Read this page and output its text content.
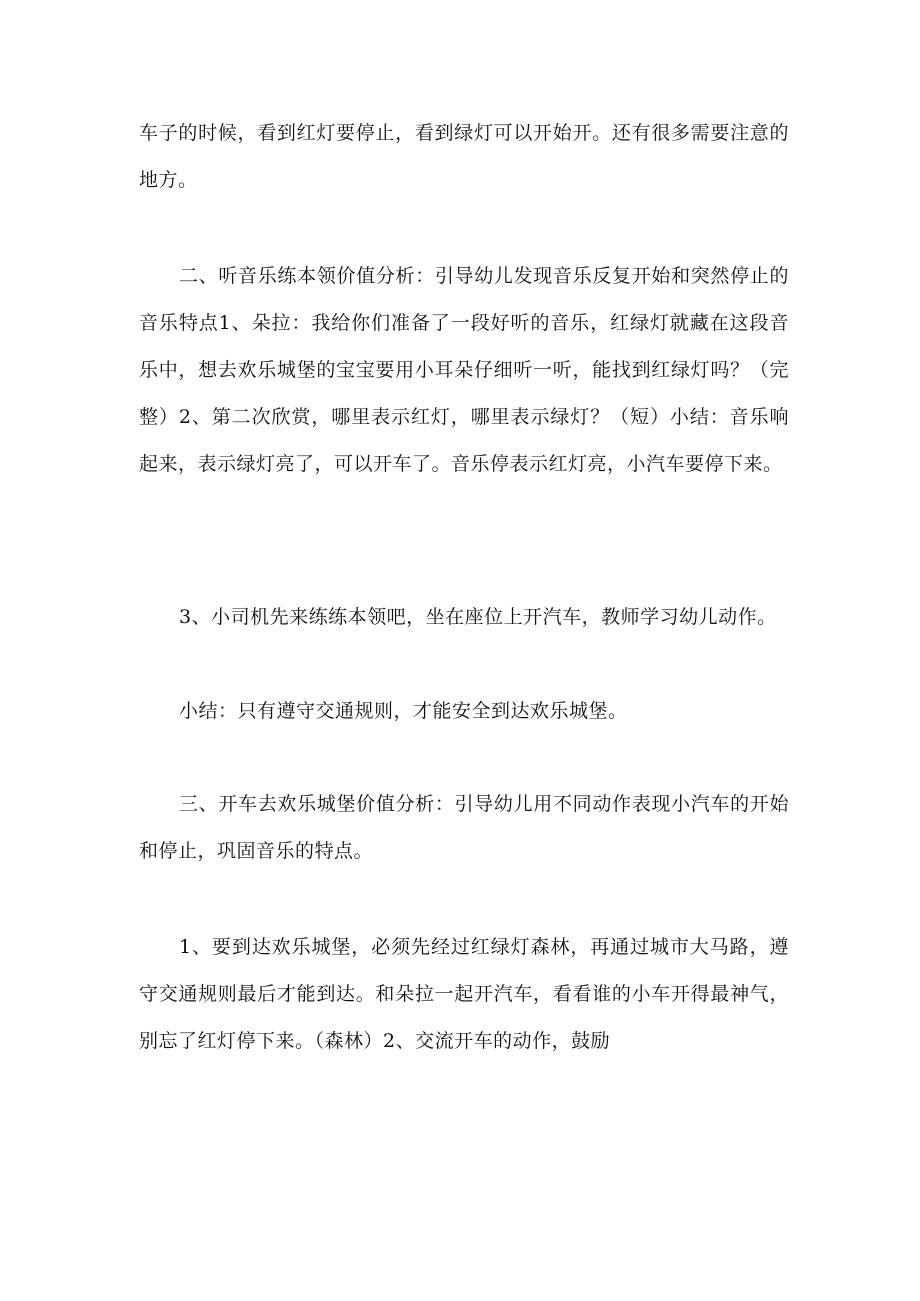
车子的时候，看到红灯要停止，看到绿灯可以开始开。还有很多需要注意的地方。

二、听音乐练本领价值分析：引导幼儿发现音乐反复开始和突然停止的音乐特点1、朵拉：我给你们准备了一段好听的音乐，红绿灯就藏在这段音乐中，想去欢乐城堡的宝宝要用小耳朵仔细听一听，能找到红绿灯吗？（完整）2、第二次欣赏，哪里表示红灯，哪里表示绿灯？（短）小结：音乐响起来，表示绿灯亮了，可以开车了。音乐停表示红灯亮，小汽车要停下来。

3、小司机先来练练本领吧，坐在座位上开汽车，教师学习幼儿动作。

小结：只有遵守交通规则，才能安全到达欢乐城堡。

三、开车去欢乐城堡价值分析：引导幼儿用不同动作表现小汽车的开始和停止，巩固音乐的特点。

1、要到达欢乐城堡，必须先经过红绿灯森林，再通过城市大马路，遵守交通规则最后才能到达。和朵拉一起开汽车，看看谁的小车开得最神气，别忘了红灯停下来。（森林）2、交流开车的动作，鼓励
